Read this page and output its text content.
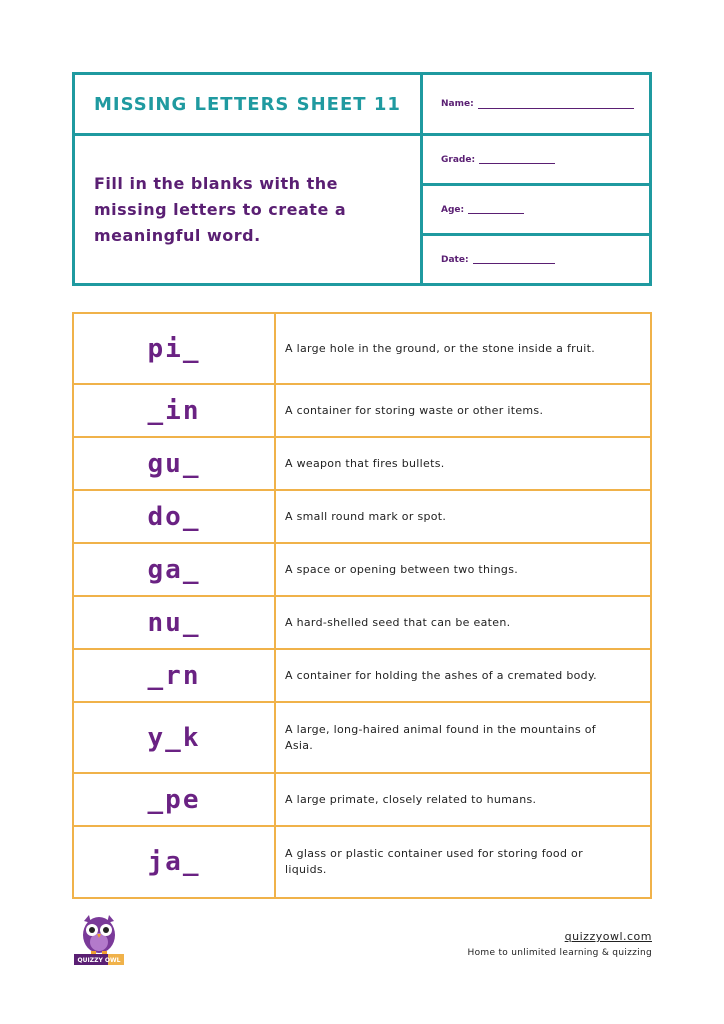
MISSING LETTERS SHEET 11
Fill in the blanks with the missing letters to create a meaningful word.
Name:
Grade:
Age:
Date:
pi_	A large hole in the ground, or the stone inside a fruit.
_in	A container for storing waste or other items.
gu_	A weapon that fires bullets.
do_	A small round mark or spot.
ga_	A space or opening between two things.
nu_	A hard-shelled seed that can be eaten.
_rn	A container for holding the ashes of a cremated body.
y_k	A large, long-haired animal found in the mountains of Asia.
_pe	A large primate, closely related to humans.
ja_	A glass or plastic container used for storing food or liquids.
QUIZZY OWL
quizzyowl.com
Home to unlimited learning & quizzing
